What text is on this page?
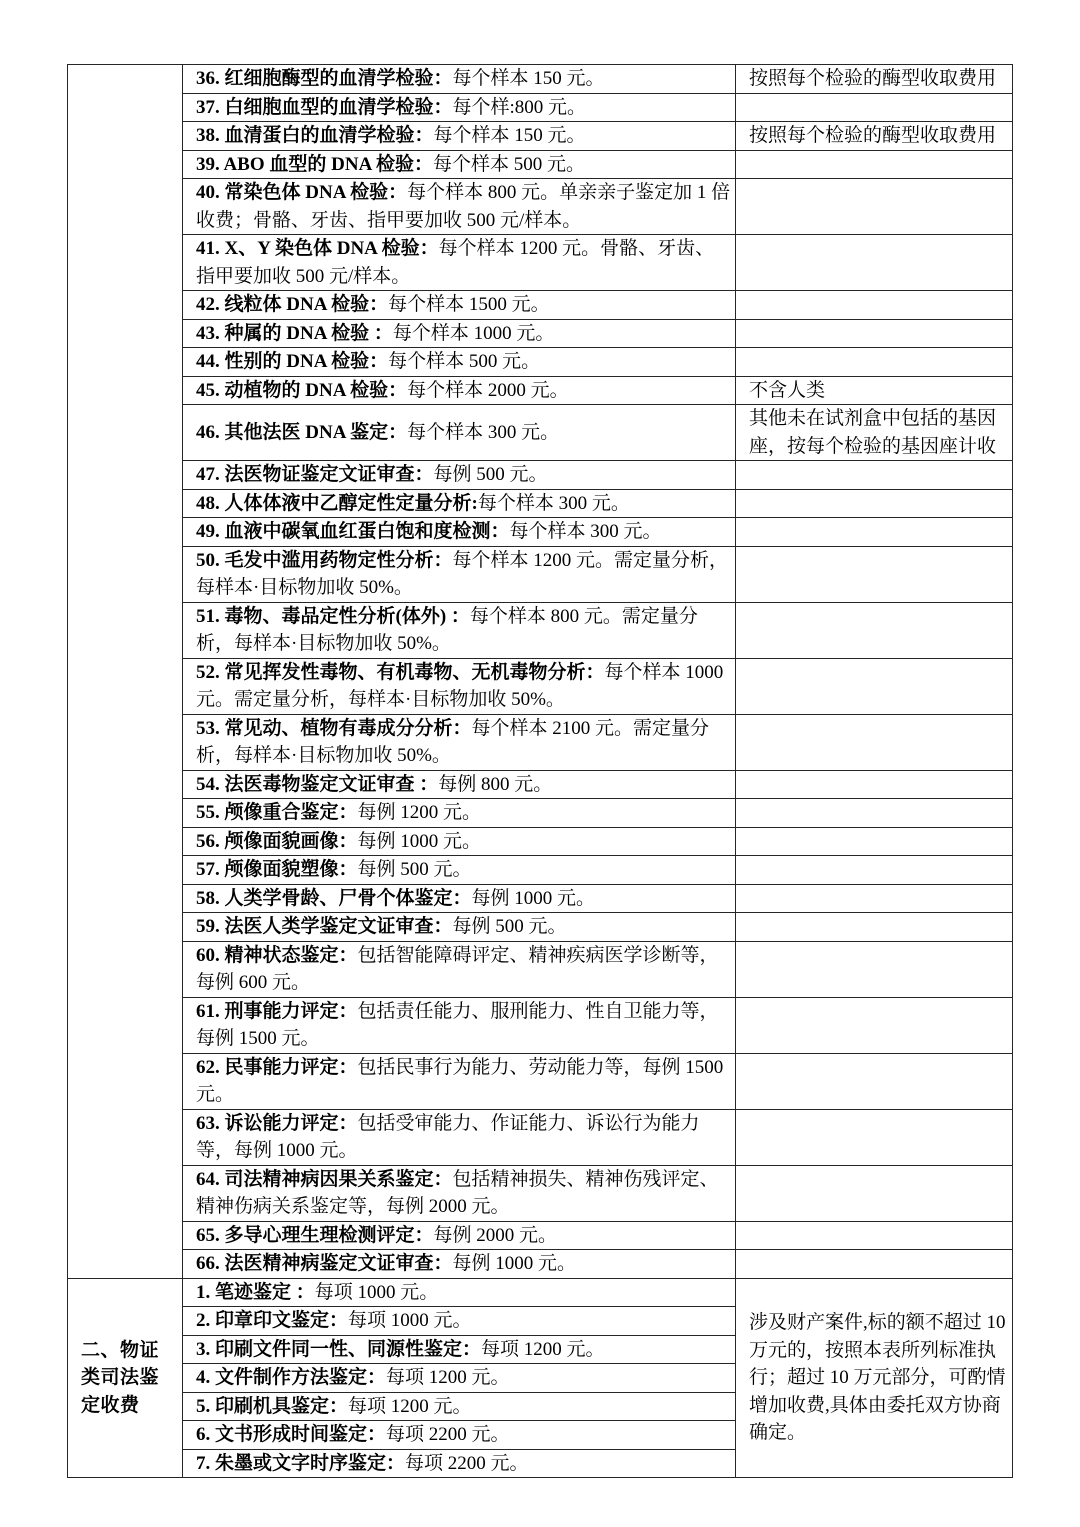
	36. 红细胞酶型的血清学检验：每个样本 150 元。	按照每个检验的酶型收取费用
	37. 白细胞血型的血清学检验：每个样:800 元。	
	38. 血清蛋白的血清学检验：每个样本 150 元。	按照每个检验的酶型收取费用
	39. ABO 血型的 DNA 检验：每个样本 500 元。	
	40. 常染色体 DNA 检验：每个样本 800 元。单亲亲子鉴定加 1 倍收费；骨骼、牙齿、指甲要加收 500 元/样本。	
	41. X、Y 染色体 DNA 检验：每个样本 1200 元。骨骼、牙齿、指甲要加收 500 元/样本。	
	42. 线粒体 DNA 检验：每个样本 1500 元。	
	43. 种属的 DNA 检验 ：每个样本 1000 元。	
	44. 性别的 DNA 检验：每个样本 500 元。	
	45. 动植物的 DNA 检验：每个样本 2000 元。	不含人类
	46. 其他法医 DNA 鉴定：每个样本 300 元。	其他未在试剂盒中包括的基因座，按每个检验的基因座计收
	47. 法医物证鉴定文证审查：每例 500 元。	
	48. 人体体液中乙醇定性定量分析:每个样本 300 元。	
	49. 血液中碳氧血红蛋白饱和度检测：每个样本 300 元。	
	50. 毛发中滥用药物定性分析：每个样本 1200 元。需定量分析，每样本·目标物加收 50%。	
	51. 毒物、毒品定性分析(体外) ：每个样本 800 元。需定量分析，每样本·目标物加收 50%。	
	52. 常见挥发性毒物、有机毒物、无机毒物分析：每个样本 1000 元。需定量分析，每样本·目标物加收 50%。	
	53. 常见动、植物有毒成分分析：每个样本 2100 元。需定量分析，每样本·目标物加收 50%。	
	54. 法医毒物鉴定文证审查 ：每例 800 元。	
	55. 颅像重合鉴定：每例 1200 元。	
	56. 颅像面貌画像：每例 1000 元。	
	57. 颅像面貌塑像：每例 500 元。	
	58. 人类学骨龄、尸骨个体鉴定：每例 1000 元。	
	59. 法医人类学鉴定文证审查：每例 500 元。	
	60. 精神状态鉴定：包括智能障碍评定、精神疾病医学诊断等，每例 600 元。	
	61. 刑事能力评定：包括责任能力、服刑能力、性自卫能力等，每例 1500 元。	
	62. 民事能力评定：包括民事行为能力、劳动能力等，每例 1500 元。	
	63. 诉讼能力评定：包括受审能力、作证能力、诉讼行为能力等，每例 1000 元。	
	64. 司法精神病因果关系鉴定：包括精神损失、精神伤残评定、精神伤病关系鉴定等，每例 2000 元。	
	65. 多导心理生理检测评定：每例 2000 元。	
	66. 法医精神病鉴定文证审查：每例 1000 元。	
二、物证类司法鉴定收费	1. 笔迹鉴定 ：每项 1000 元。	涉及财产案件,标的额不超过 10 万元的，按照本表所列标准执行；超过 10 万元部分，可酌情增加收费,具体由委托双方协商确定。
	2. 印章印文鉴定：每项 1000 元。	
	3. 印刷文件同一性、同源性鉴定：每项 1200 元。	
	4. 文件制作方法鉴定：每项 1200 元。	
	5. 印刷机具鉴定：每项 1200 元。	
	6. 文书形成时间鉴定：每项 2200 元。	
	7. 朱墨或文字时序鉴定：每项 2200 元。	
